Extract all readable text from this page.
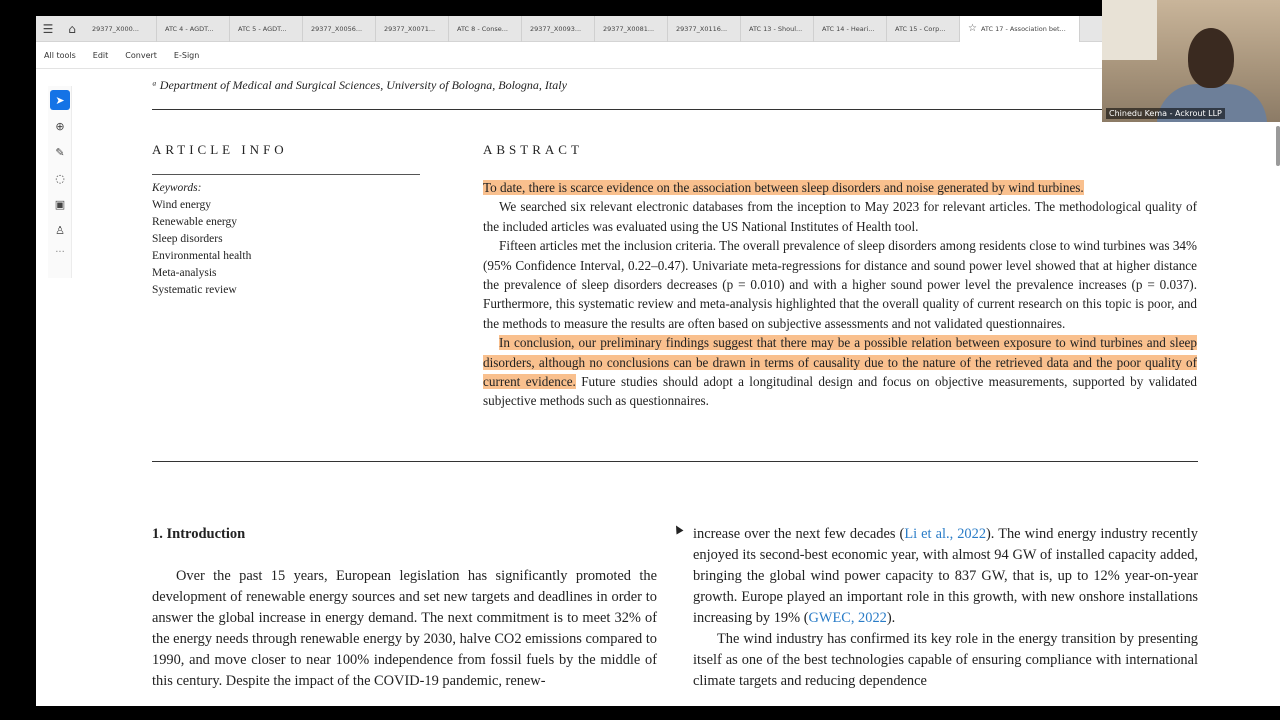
☰	⌂	29377_X000...	ATC 4 - AGDT...	ATC 5 - AGDT...	29377_X0056...	29377_X0071...	ATC 8 - Conse...	29377_X0093...	29377_X0081...	29377_X0116...	ATC 13 - Shoul...	ATC 14 - Heari...	ATC 15 - Corp... ☆ ATC 17 - Association bet...
All tools Edit Convert E-Sign
➤
⊕
✎
◌
▣
♙
···
ᵃ Department of Medical and Surgical Sciences, University of Bologna, Bologna, Italy
ARTICLE INFO	ABSTRACT
Keywords:
Wind energy
Renewable energy
Sleep disorders
Environmental health
Meta-analysis
Systematic review

To date, there is scarce evidence on the association between sleep disorders and noise generated by wind turbines.

We searched six relevant electronic databases from the inception to May 2023 for relevant articles. The methodological quality of the included articles was evaluated using the US National Institutes of Health tool.

Fifteen articles met the inclusion criteria. The overall prevalence of sleep disorders among residents close to wind turbines was 34% (95% Confidence Interval, 0.22–0.47). Univariate meta-regressions for distance and sound power level showed that at higher distance the prevalence of sleep disorders decreases (p = 0.010) and with a higher sound power level the prevalence increases (p = 0.037). Furthermore, this systematic review and meta-analysis highlighted that the overall quality of current research on this topic is poor, and the methods to measure the results are often based on subjective assessments and not validated questionnaires.

In conclusion, our preliminary findings suggest that there may be a possible relation between exposure to wind turbines and sleep disorders, although no conclusions can be drawn in terms of causality due to the nature of the retrieved data and the poor quality of current evidence. Future studies should adopt a longitudinal design and focus on objective measurements, supported by validated subjective methods such as questionnaires.

1. Introduction

Over the past 15 years, European legislation has significantly promoted the development of renewable energy sources and set new targets and deadlines in order to answer the global increase in energy demand. The next commitment is to meet 32% of the energy needs through renewable energy by 2030, halve CO2 emissions compared to 1990, and move closer to near 100% independence from fossil fuels by the middle of this century. Despite the impact of the COVID-19 pandemic, renew-

increase over the next few decades (Li et al., 2022). The wind energy industry recently enjoyed its second-best economic year, with almost 94 GW of installed capacity added, bringing the global wind power capacity to 837 GW, that is, up to 12% year-on-year growth. Europe played an important role in this growth, with new onshore installations increasing by 19% (GWEC, 2022).

The wind industry has confirmed its key role in the energy transition by presenting itself as one of the best technologies capable of ensuring compliance with international climate targets and reducing dependence

Chinedu Kema - Ackrout LLP
